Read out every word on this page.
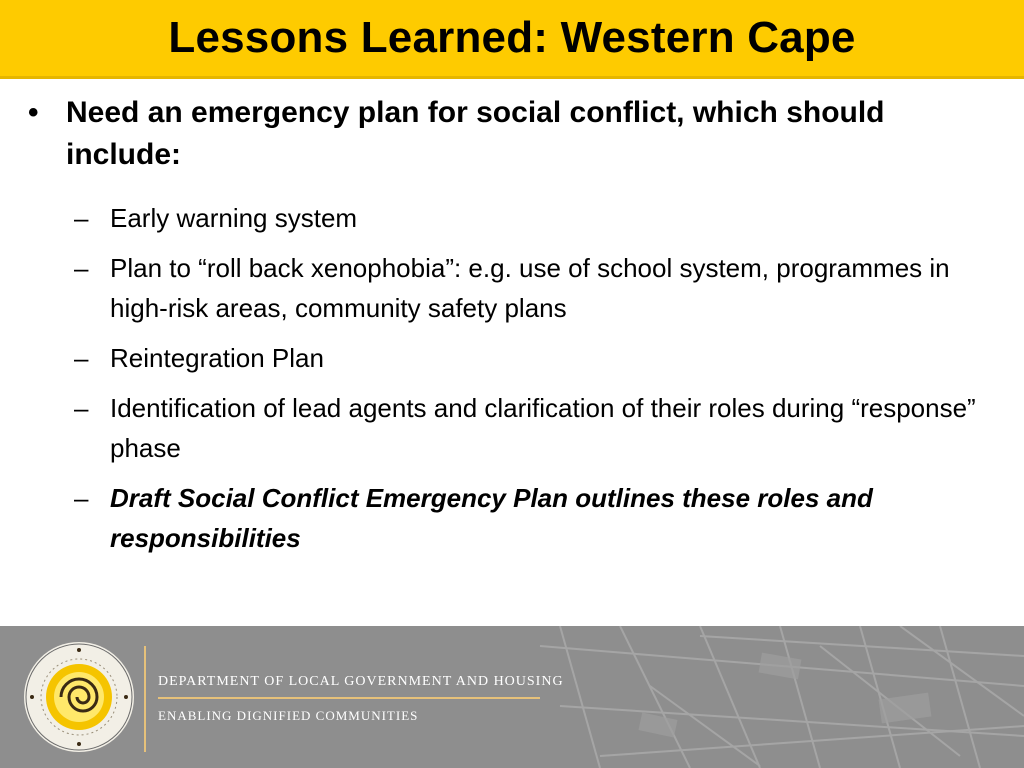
Lessons Learned: Western Cape
• Need an emergency plan for social conflict, which should include:
– Early warning system
– Plan to “roll back xenophobia”: e.g. use of school system, programmes in high-risk areas, community safety plans
– Reintegration Plan
– Identification of lead agents and clarification of their roles during “response” phase
– Draft Social Conflict Emergency Plan outlines these roles and responsibilities
DEPARTMENT OF LOCAL GOVERNMENT AND HOUSING
ENABLING DIGNIFIED COMMUNITIES
